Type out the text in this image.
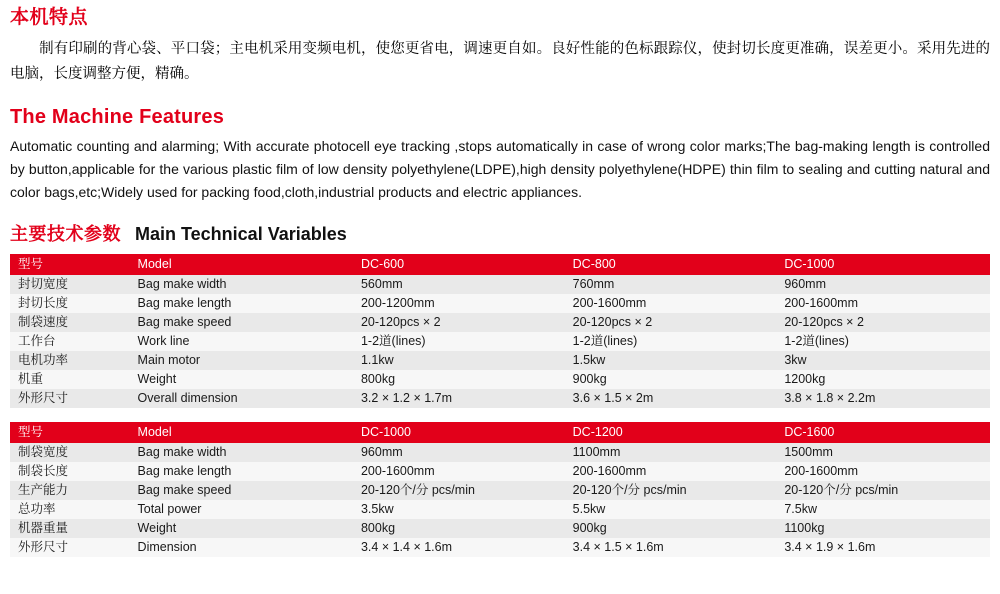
本机特点

制有印刷的背心袋、平口袋；主电机采用变频电机，使您更省电，调速更自如。良好性能的色标跟踪仪，使封切长度更准确，误差更小。采用先进的电脑，长度调整方便，精确。

The Machine Features

Automatic counting and alarming; With accurate photocell eye tracking ,stops automatically in case of wrong color marks;The bag-making length is controlled by button,applicable for the various plastic film of low density polyethylene(LDPE),high density polyethylene(HDPE) thin film to sealing and cutting natural and color bags,etc;Widely used for packing food,cloth,industrial products and electric appliances.

主要技术参数 Main Technical Variables
型号	Model	DC-600	DC-800	DC-1000
封切宽度	Bag make width	560mm	760mm	960mm
封切长度	Bag make length	200-1200mm	200-1600mm	200-1600mm
制袋速度	Bag make speed	20-120pcs × 2	20-120pcs × 2	20-120pcs × 2
工作台	Work line	1-2道(lines)	1-2道(lines)	1-2道(lines)
电机功率	Main motor	1.1kw	1.5kw	3kw
机重	Weight	800kg	900kg	1200kg
外形尺寸	Overall dimension	3.2 × 1.2 × 1.7m	3.6 × 1.5 × 2m	3.8 × 1.8 × 2.2m
型号	Model	DC-1000	DC-1200	DC-1600
制袋宽度	Bag make width	960mm	1100mm	1500mm
制袋长度	Bag make length	200-1600mm	200-1600mm	200-1600mm
生产能力	Bag make speed	20-120个/分 pcs/min	20-120个/分 pcs/min	20-120个/分 pcs/min
总功率	Total power	3.5kw	5.5kw	7.5kw
机器重量	Weight	800kg	900kg	1100kg
外形尺寸	Dimension	3.4 × 1.4 × 1.6m	3.4 × 1.5 × 1.6m	3.4 × 1.9 × 1.6m
